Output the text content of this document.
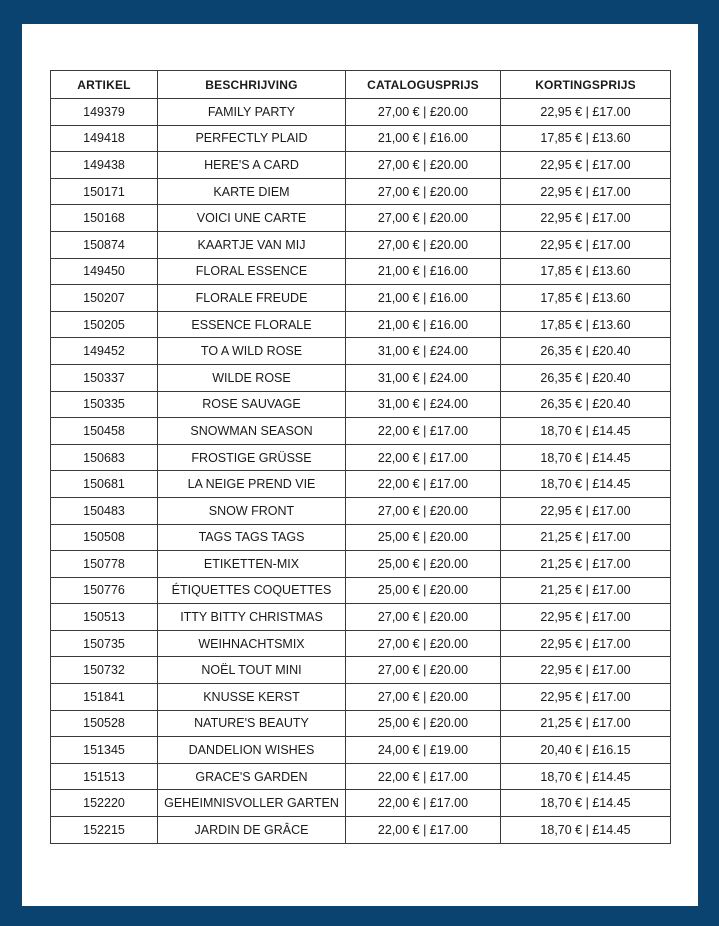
ARTIKEL	BESCHRIJVING	CATALOGUSPRIJS	KORTINGSPRIJS
149379	FAMILY PARTY	27,00 € | £20.00	22,95 € | £17.00
149418	PERFECTLY PLAID	21,00 € | £16.00	17,85 € | £13.60
149438	HERE'S A CARD	27,00 € | £20.00	22,95 € | £17.00
150171	KARTE DIEM	27,00 € | £20.00	22,95 € | £17.00
150168	VOICI UNE CARTE	27,00 € | £20.00	22,95 € | £17.00
150874	KAARTJE VAN MIJ	27,00 € | £20.00	22,95 € | £17.00
149450	FLORAL ESSENCE	21,00 € | £16.00	17,85 € | £13.60
150207	FLORALE FREUDE	21,00 € | £16.00	17,85 € | £13.60
150205	ESSENCE FLORALE	21,00 € | £16.00	17,85 € | £13.60
149452	TO A WILD ROSE	31,00 € | £24.00	26,35 € | £20.40
150337	WILDE ROSE	31,00 € | £24.00	26,35 € | £20.40
150335	ROSE SAUVAGE	31,00 € | £24.00	26,35 € | £20.40
150458	SNOWMAN SEASON	22,00 € | £17.00	18,70 € | £14.45
150683	FROSTIGE GRÜSSE	22,00 € | £17.00	18,70 € | £14.45
150681	LA NEIGE PREND VIE	22,00 € | £17.00	18,70 € | £14.45
150483	SNOW FRONT	27,00 € | £20.00	22,95 € | £17.00
150508	TAGS TAGS TAGS	25,00 € | £20.00	21,25 € | £17.00
150778	ETIKETTEN-MIX	25,00 € | £20.00	21,25 € | £17.00
150776	ÉTIQUETTES COQUETTES	25,00 € | £20.00	21,25 € | £17.00
150513	ITTY BITTY CHRISTMAS	27,00 € | £20.00	22,95 € | £17.00
150735	WEIHNACHTSMIX	27,00 € | £20.00	22,95 € | £17.00
150732	NOËL TOUT MINI	27,00 € | £20.00	22,95 € | £17.00
151841	KNUSSE KERST	27,00 € | £20.00	22,95 € | £17.00
150528	NATURE'S BEAUTY	25,00 € | £20.00	21,25 € | £17.00
151345	DANDELION WISHES	24,00 € | £19.00	20,40 € | £16.15
151513	GRACE'S GARDEN	22,00 € | £17.00	18,70 € | £14.45
152220	GEHEIMNISVOLLER GARTEN	22,00 € | £17.00	18,70 € | £14.45
152215	JARDIN DE GRÂCE	22,00 € | £17.00	18,70 € | £14.45
